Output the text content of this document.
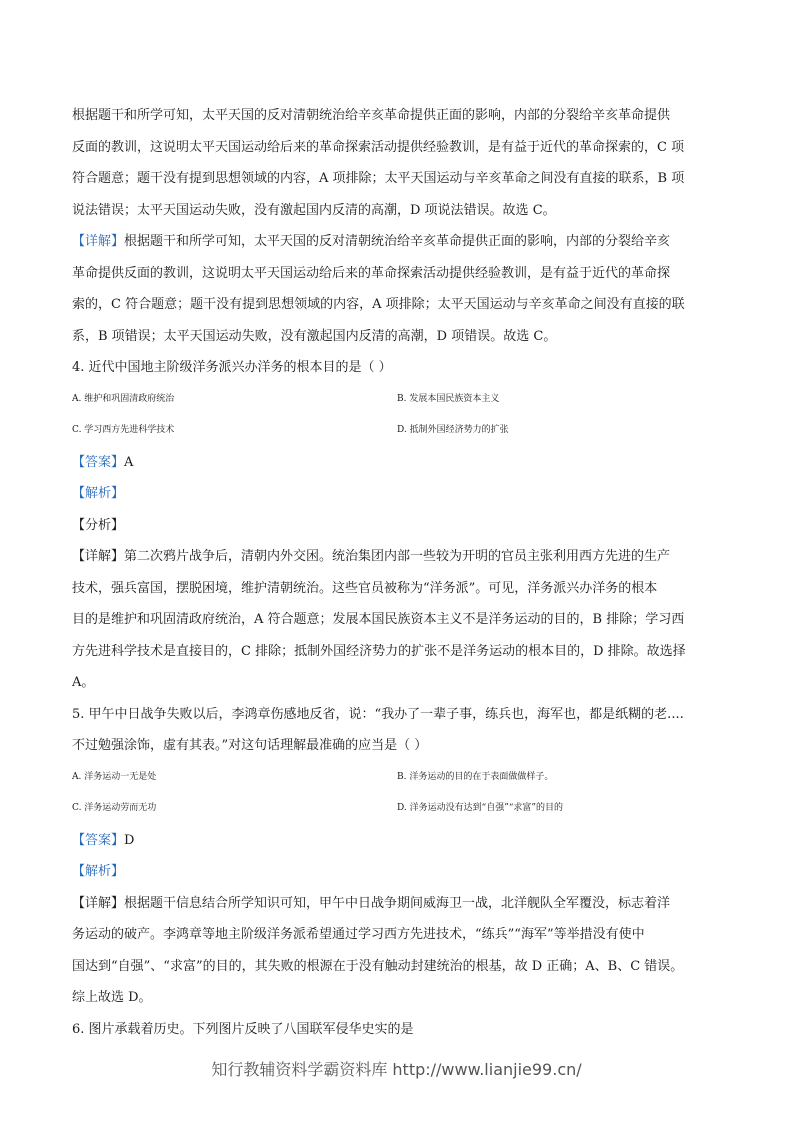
根据题干和所学可知，太平天国的反对清朝统治给辛亥革命提供正面的影响，内部的分裂给辛亥革命提供
反面的教训，这说明太平天国运动给后来的革命探索活动提供经验教训，是有益于近代的革命探索的，C 项
符合题意；题干没有提到思想领域的内容，A 项排除；太平天国运动与辛亥革命之间没有直接的联系，B 项
说法错误；太平天国运动失败，没有激起国内反清的高潮，D 项说法错误。故选 C。
【详解】根据题干和所学可知，太平天国的反对清朝统治给辛亥革命提供正面的影响，内部的分裂给辛亥
革命提供反面的教训，这说明太平天国运动给后来的革命探索活动提供经验教训，是有益于近代的革命探
索的，C 符合题意；题干没有提到思想领域的内容，A 项排除；太平天国运动与辛亥革命之间没有直接的联
系，B 项错误；太平天国运动失败，没有激起国内反清的高潮，D 项错误。故选 C。
4. 近代中国地主阶级洋务派兴办洋务的根本目的是（ ）
A. 维护和巩固清政府统治	B. 发展本国民族资本主义
C. 学习西方先进科学技术	D. 抵制外国经济势力的扩张
【答案】A
【解析】
【分析】
【详解】第二次鸦片战争后，清朝内外交困。统治集团内部一些较为开明的官员主张利用西方先进的生产
技术，强兵富国，摆脱困境，维护清朝统治。这些官员被称为“洋务派”。可见，洋务派兴办洋务的根本
目的是维护和巩固清政府统治，A 符合题意；发展本国民族资本主义不是洋务运动的目的，B 排除；学习西
方先进科学技术是直接目的，C 排除；抵制外国经济势力的扩张不是洋务运动的根本目的，D 排除。故选择
A。
5. 甲午中日战争失败以后，李鸿章伤感地反省，说：“我办了一辈子事，练兵也，海军也，都是纸糊的老....
不过勉强涂饰，虚有其表。”对这句话理解最准确的应当是（ ）
A. 洋务运动一无是处	B. 洋务运动的目的在于表面做做样子。
C. 洋务运动劳而无功	D. 洋务运动没有达到“自强”“求富”的目的
【答案】D
【解析】
【详解】根据题干信息结合所学知识可知，甲午中日战争期间威海卫一战，北洋舰队全军覆没，标志着洋
务运动的破产。李鸿章等地主阶级洋务派希望通过学习西方先进技术，“练兵”“海军”等举措没有使中
国达到“自强”、“求富”的目的，其失败的根源在于没有触动封建统治的根基，故 D 正确；A、B、C 错误。
综上故选 D。
6. 图片承载着历史。下列图片反映了八国联军侵华史实的是
知行教辅资料学霸资料库 http://www.lianjie99.cn/
